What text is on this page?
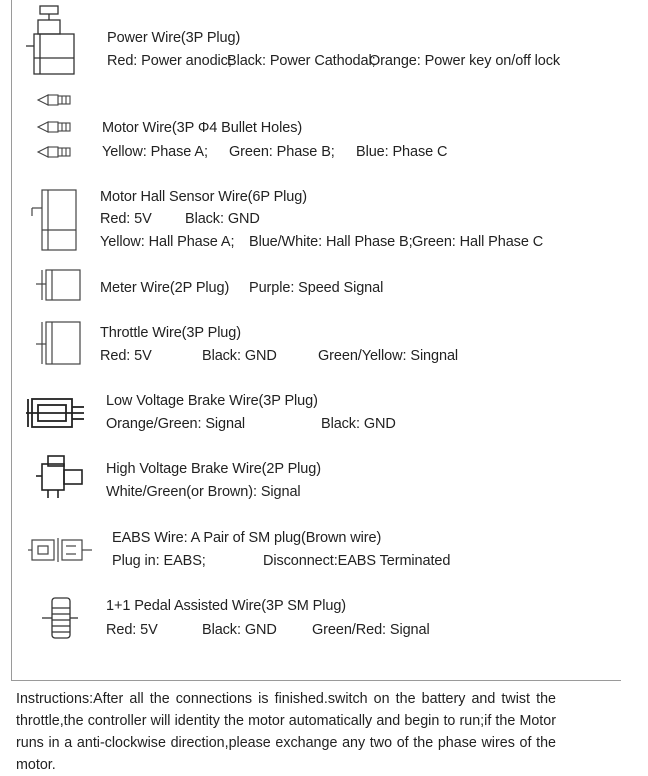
Power Wire(3P Plug)
Red: Power anodic;
Black: Power Cathodal;
Orange: Power key on/off lock
Motor Wire(3P Φ4 Bullet Holes)
Yellow: Phase A; Green: Phase B; Blue: Phase C
Motor Hall Sensor Wire(6P Plug)
Red: 5V Black: GND
Yellow: Hall Phase A; Blue/White: Hall Phase B; Green: Hall Phase C
Meter Wire(2P Plug) Purple: Speed Signal
Throttle Wire(3P Plug)
Red: 5V	Black: GND	Green/Yellow: Singnal
Low Voltage Brake Wire(3P Plug)
Orange/Green: Signal	Black: GND
High Voltage Brake Wire(2P Plug)
White/Green(or Brown): Signal
EABS Wire: A Pair of SM plug(Brown wire)
Plug in: EABS;	Disconnect:EABS Terminated
1+1 Pedal Assisted Wire(3P SM Plug)
Red: 5V	Black: GND Green/Red: Signal
Instructions:After all the connections is finished.switch on the battery and twist the throttle,the controller will identity the motor automatically and begin to run;if the Motor runs in a anti-clockwise direction,please exchange any two of the phase wires of the motor.
